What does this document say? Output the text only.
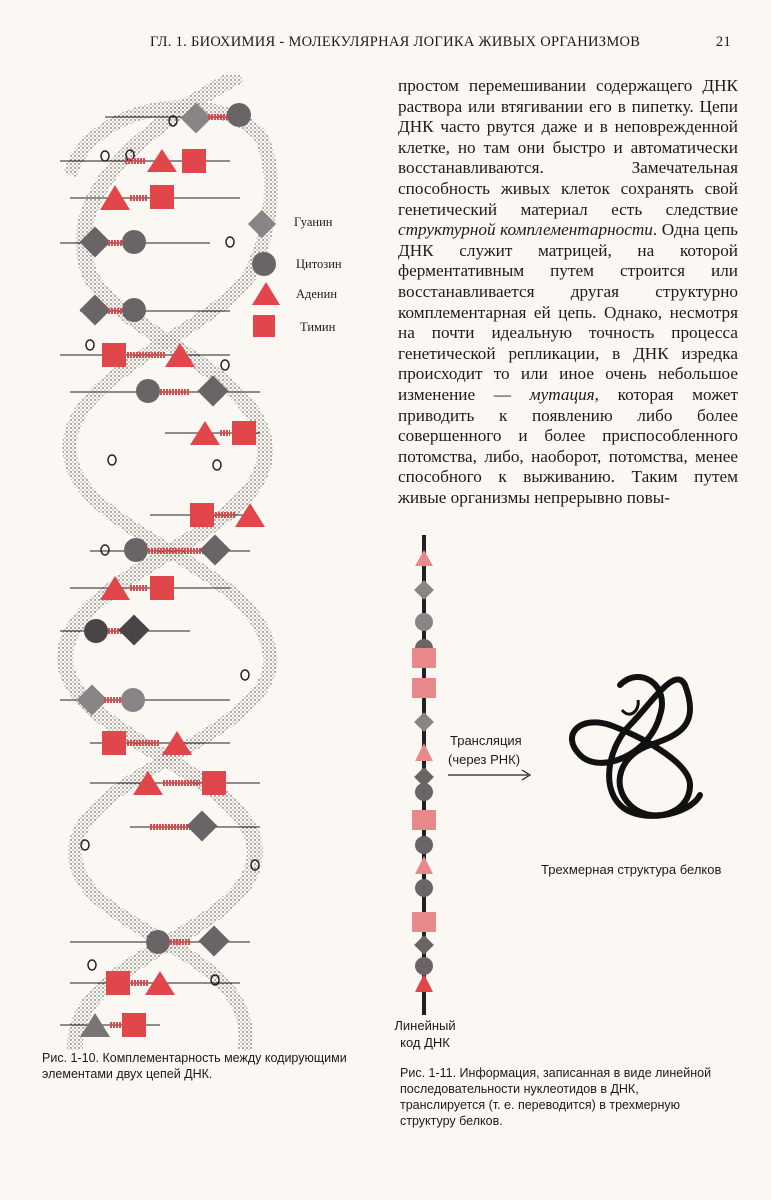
ГЛ. 1. БИОХИМИЯ - МОЛЕКУЛЯРНАЯ ЛОГИКА ЖИВЫХ ОРГАНИЗМОВ	21
простом перемешивании содержащего ДНК раствора или втягивании его в пипетку. Цепи ДНК часто рвутся даже и в неповрежденной клетке, но там они быстро и автоматически восстанавливаются. Замечательная способность живых клеток сохранять свой генетический материал есть следствие структурной комплементарности. Одна цепь ДНК служит матрицей, на которой ферментативным путем строится или восстанавливается другая структурно комплементарная ей цепь. Однако, несмотря на почти идеальную точность процесса генетической репликации, в ДНК изредка происходит то или иное очень небольшое изменение — мутация, которая может приводить к появлению либо более совершенного и более приспособленного потомства, либо, наоборот, потомства, менее способного к выживанию. Таким путем живые организмы непрерывно повы-
Гуанин
Цитозин
Аденин
Тимин
Трансляция
(через РНК)
Линейный
код ДНК
Трехмерная структура белков
Рис. 1-10. Комплементарность между кодирующими элементами двух цепей ДНК.	Рис. 1-11. Информация, записанная в виде линейной последовательности нуклеотидов в ДНК, транслируется (т. е. переводится) в трехмерную структуру белков.
